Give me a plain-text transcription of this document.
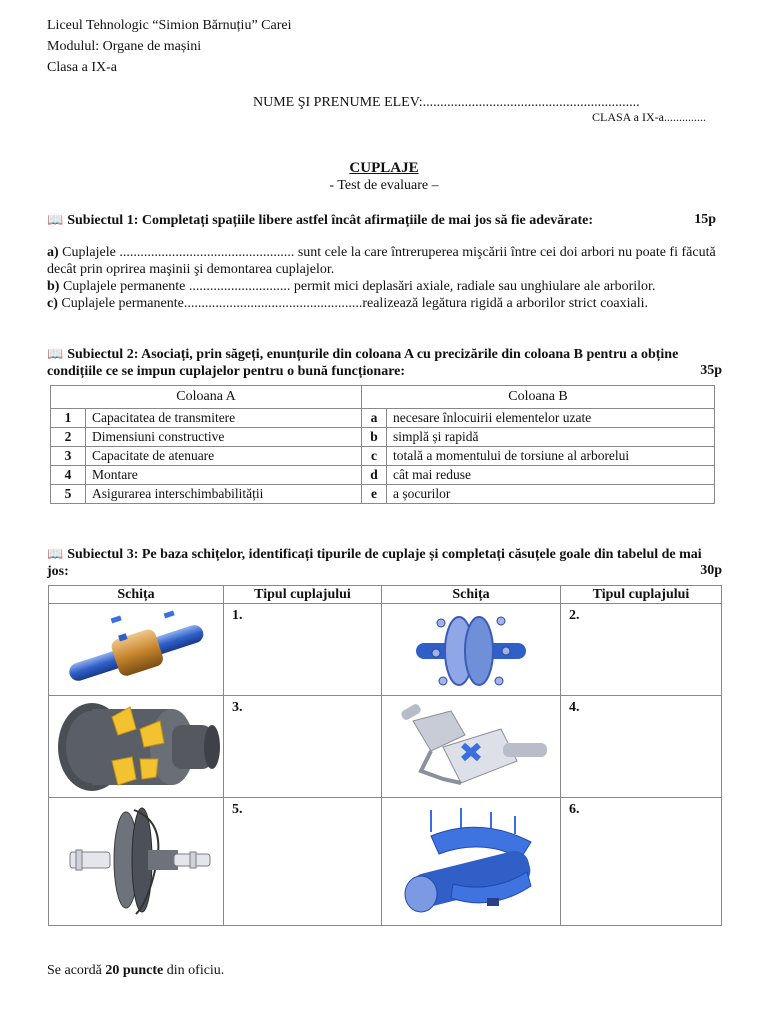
Liceul Tehnologic “Simion Bărnuțiu” Carei
Modulul: Organe de mașini
Clasa a IX-a
NUME ŞI PRENUME ELEV:..............................................................
CLASA a IX-a..............
CUPLAJE
- Test de evaluare –
📖 Subiectul 1: Completați spațiile libere astfel încât afirmațiile de mai jos să fie adevărate:	15p
a) Cuplajele .................................................. sunt cele la care întreruperea mişcării între cei doi arbori nu poate fi făcută decât prin oprirea maşinii şi demontarea cuplajelor.
b) Cuplajele permanente ............................. permit mici deplasări axiale, radiale sau unghiulare ale arborilor.
c) Cuplajele permanente...................................................realizează legătura rigidă a arborilor strict coaxiali.
📖 Subiectul 2: Asociați, prin săgeți, enunțurile din coloana A cu precizările din coloana B pentru a obține condițiile ce se impun cuplajelor pentru o bună funcționare:	35p
Coloana A		Coloana B	
1	Capacitatea de transmitere	a	necesare înlocuirii elementelor uzate
2	Dimensiuni constructive	b	simplă și rapidă
3	Capacitate de atenuare	c	totală a momentului de torsiune al arborelui
4	Montare	d	cât mai reduse
5	Asigurarea interschimbabilității	e	a șocurilor
📖 Subiectul 3: Pe baza schițelor, identificați tipurile de cuplaje și completați căsuțele goale din tabelul de mai jos:	30p
Schița	Tipul cuplajului	Schița	Tipul cuplajului

	1.		2.

	3.		4.

	5.		6.
Se acordă 20 puncte din oficiu.
